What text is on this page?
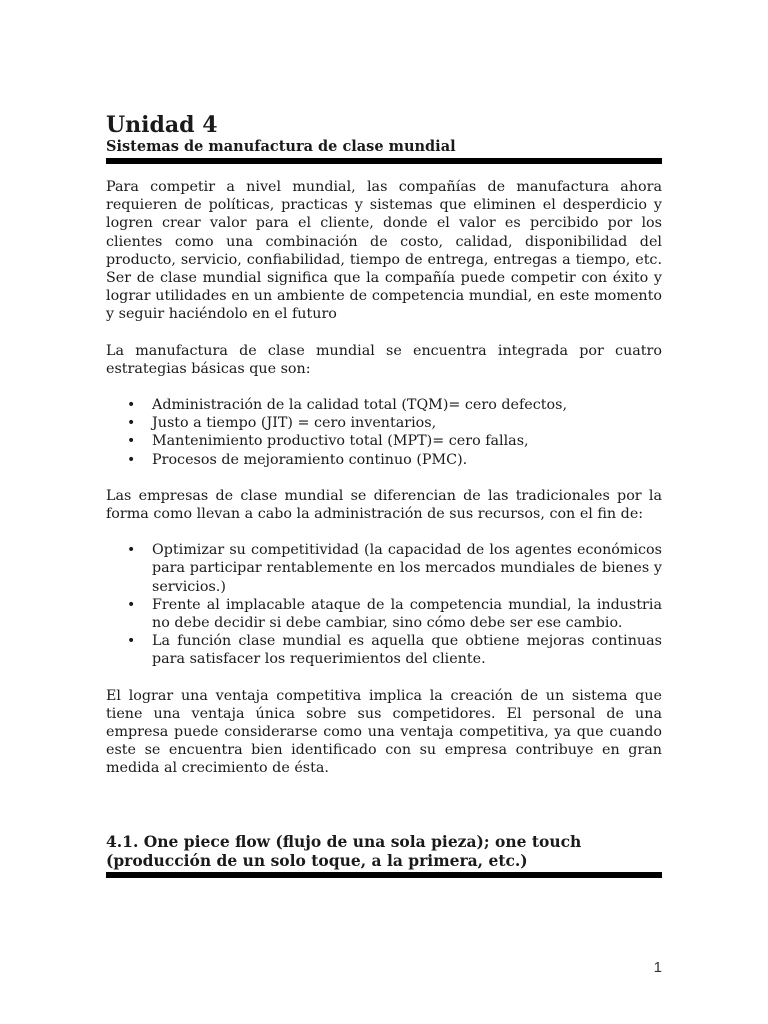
Unidad 4
Sistemas de manufactura de clase mundial

Para competir a nivel mundial, las compañías de manufactura ahora requieren de políticas, practicas y sistemas que eliminen el desperdicio y logren crear valor para el cliente, donde el valor es percibido por los clientes como una combinación de costo, calidad, disponibilidad del producto, servicio, confiabilidad, tiempo de entrega, entregas a tiempo, etc. Ser de clase mundial significa que la compañía puede competir con éxito y lograr utilidades en un ambiente de competencia mundial, en este momento y seguir haciéndolo en el futuro

La manufactura de clase mundial se encuentra integrada por cuatro estrategias básicas que son:

• Administración de la calidad total (TQM)= cero defectos,
• Justo a tiempo (JIT) = cero inventarios,
• Mantenimiento productivo total (MPT)= cero fallas,
• Procesos de mejoramiento continuo (PMC).

Las empresas de clase mundial se diferencian de las tradicionales por la forma como llevan a cabo la administración de sus recursos, con el fin de:

• Optimizar su competitividad (la capacidad de los agentes económicos para participar rentablemente en los mercados mundiales de bienes y servicios.)
• Frente al implacable ataque de la competencia mundial, la industria no debe decidir si debe cambiar, sino cómo debe ser ese cambio.
• La función clase mundial es aquella que obtiene mejoras continuas para satisfacer los requerimientos del cliente.

El lograr una ventaja competitiva implica la creación de un sistema que tiene una ventaja única sobre sus competidores. El personal de una empresa puede considerarse como una ventaja competitiva, ya que cuando este se encuentra bien identificado con su empresa contribuye en gran medida al crecimiento de ésta.

4.1. One piece flow (flujo de una sola pieza); one touch (producción de un solo toque, a la primera, etc.)
1
